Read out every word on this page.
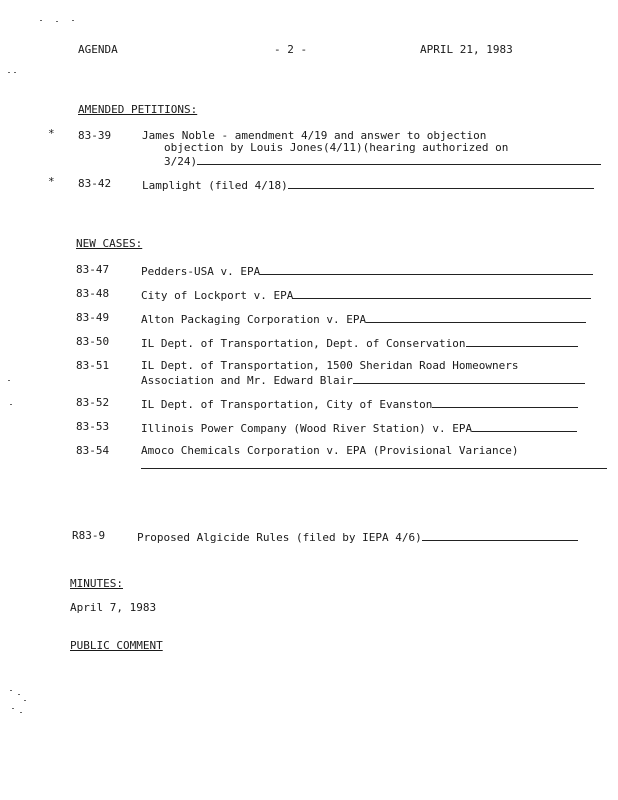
AGENDA	- 2 -	APRIL 21, 1983
AMENDED PETITIONS:
* 83-39	James Noble - amendment 4/19 and answer to objection
objection by Louis Jones(4/11)(hearing authorized on
3/24)
* 83-42	Lamplight (filed 4/18)
NEW CASES:
83-47	Pedders-USA v. EPA
83-48	City of Lockport v. EPA
83-49	Alton Packaging Corporation v. EPA
83-50	IL Dept. of Transportation, Dept. of Conservation
83-51	IL Dept. of Transportation, 1500 Sheridan Road Homeowners
Association and Mr. Edward Blair
83-52	IL Dept. of Transportation, City of Evanston
83-53	Illinois Power Company (Wood River Station) v. EPA
83-54	Amoco Chemicals Corporation v. EPA (Provisional Variance)
R83-9	Proposed Algicide Rules (filed by IEPA 4/6)
MINUTES:
April 7, 1983
PUBLIC COMMENT
